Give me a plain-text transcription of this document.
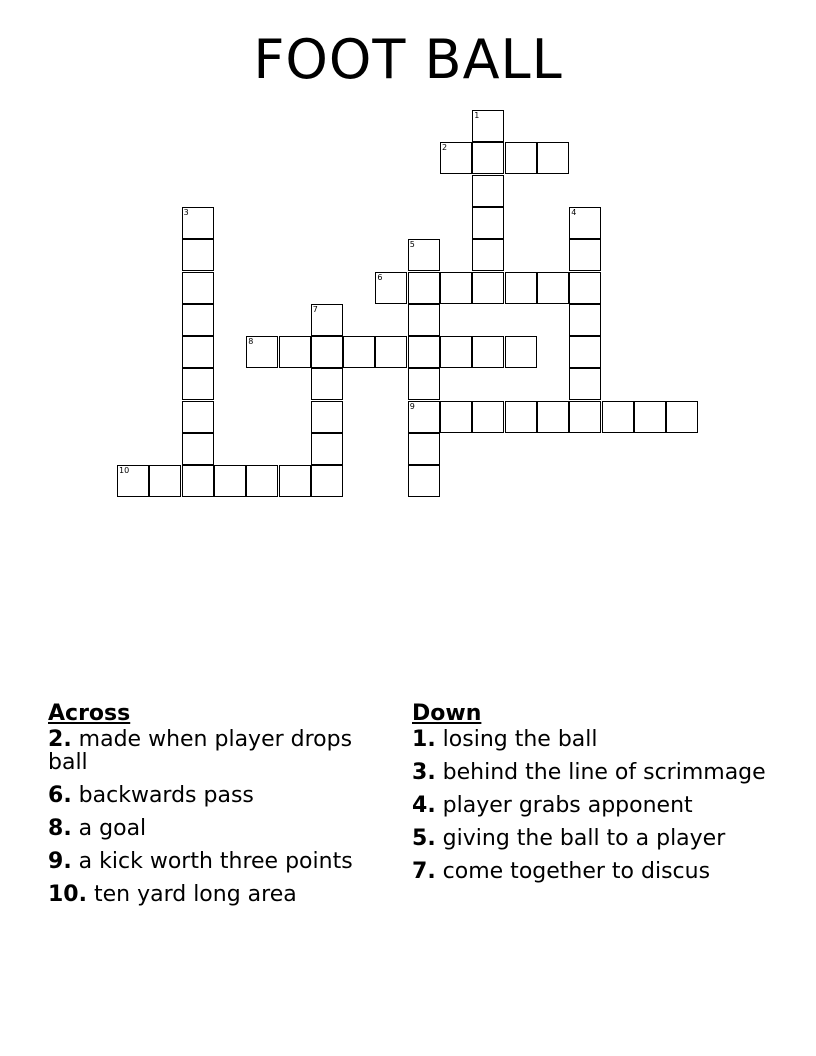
FOOT BALL
1
2
3	4
5
9
6
7
8
10
Across
2. made when player drops ball
6. backwards pass
8. a goal
9. a kick worth three points
10. ten yard long area
Down
1. losing the ball
3. behind the line of scrimmage
4. player grabs apponent
5. giving the ball to a player
7. come together to discus
